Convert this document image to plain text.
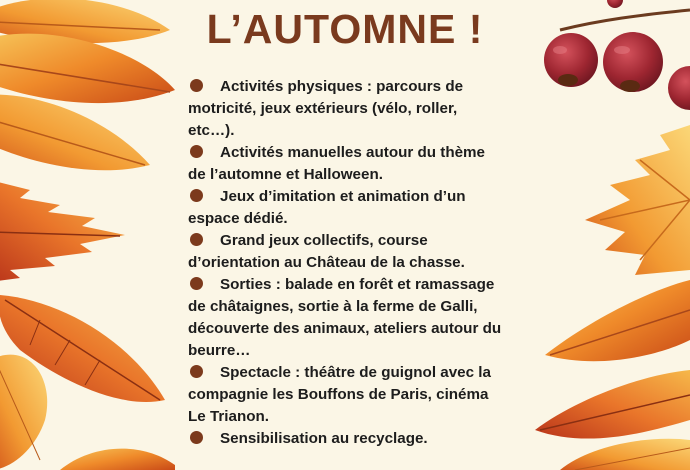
L’AUTOMNE !
Activités physiques : parcours de
motricité, jeux extérieurs (vélo, roller,
etc…).
Activités manuelles autour du thème
de l’automne et Halloween.
Jeux d’imitation et animation d’un
espace dédié.
Grand jeux collectifs, course
d’orientation au Château de la chasse.
Sorties : balade en forêt et ramassage
de châtaignes, sortie à la ferme de Galli,
découverte des animaux, ateliers autour du
beurre…
Spectacle : théâtre de guignol avec la
compagnie les Bouffons de Paris, cinéma
Le Trianon.
Sensibilisation au recyclage.
